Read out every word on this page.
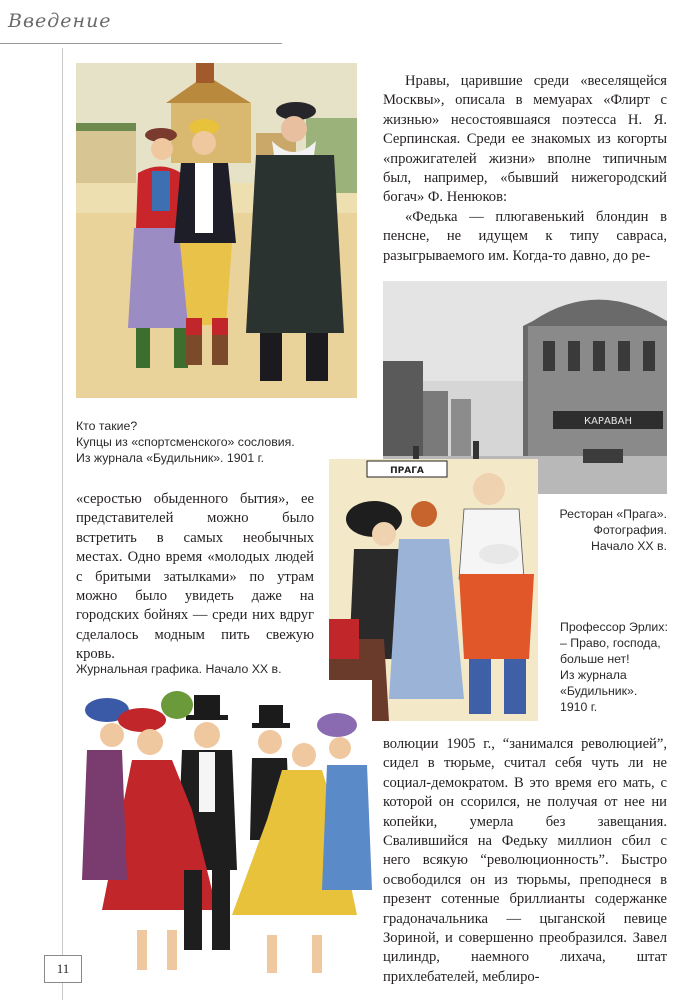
Введение

Нравы, царившие среди «веселящейся Москвы», описала в мемуарах «Флирт с жизнью» несостоявшаяся поэтесса Н. Я. Серпинская. Среди ее знакомых из когорты «прожигателей жизни» вполне типичным был, например, «бывший нижегородский богач» Ф. Ненюков:

«Федька — плюгавенький блондин в пенсне, не идущем к типу савраса, разыгрываемого им. Когда-то давно, до ре-

КАРАВАН
Кто такие?
Купцы из «спортсменского» сословия.
Из журнала «Будильник». 1901 г.
ПРАГА
Ресторан «Прага».
Фотография.
Начало XX в.

«серостью обыденного бытия», ее представителей можно было встретить в самых необычных местах. Одно время «молодых людей с бритыми затылками» по утрам можно было увидеть даже на городских бойнях — среди них вдруг сделалось модным пить свежую кровь.

Профессор Эрлих:
– Право, господа,
больше нет!
Из журнала
«Будильник».
1910 г.
Журнальная графика. Начало XX в.

волюции 1905 г., “занимался революцией”, сидел в тюрьме, считал себя чуть ли не социал-демократом. В это время его мать, с которой он ссорился, не получая от нее ни копейки, умерла без завещания. Свалившийся на Федьку миллион сбил с него всякую “революционность”. Быстро освободился он из тюрьмы, преподнеся в презент сотенные бриллианты содержанке градоначальника — цыганской певице Зориной, и совершенно преобразился. Завел цилиндр, наемного лихача, штат прихлебателей, меблиро-

11
